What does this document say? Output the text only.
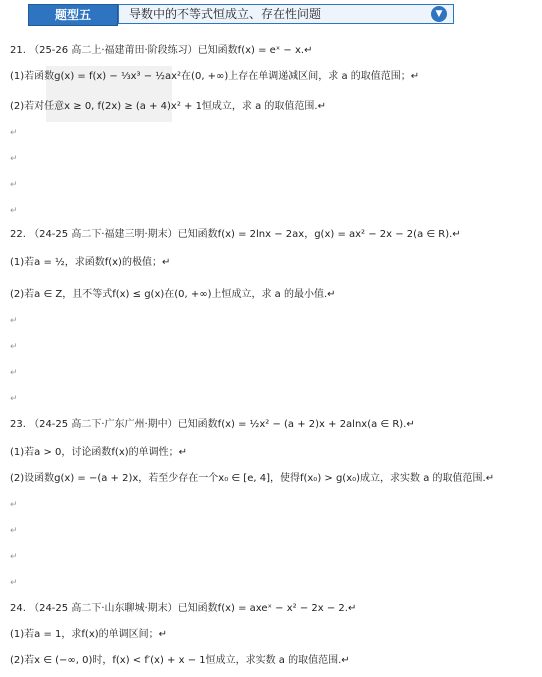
题型五	导数中的不等式恒成立、存在性问题	▼
21. （25-26 高二上·福建莆田·阶段练习）已知函数f(x) = eˣ − x.↵
(1)若函数g(x) = f(x) − ⅓x³ − ½ax²在(0, +∞)上存在单调递减区间，求 a 的取值范围；↵
(2)若对任意x ≥ 0, f(2x) ≥ (a + 4)x² + 1恒成立，求 a 的取值范围.↵
↵
↵
↵
↵
22. （24-25 高二下·福建三明·期末）已知函数f(x) = 2lnx − 2ax，g(x) = ax² − 2x − 2(a ∈ R).↵
(1)若a = ½，求函数f(x)的极值；↵
(2)若a ∈ Z，且不等式f(x) ≤ g(x)在(0, +∞)上恒成立，求 a 的最小值.↵
↵
↵
↵
↵
23. （24-25 高二下·广东广州·期中）已知函数f(x) = ½x² − (a + 2)x + 2alnx(a ∈ R).↵
(1)若a > 0，讨论函数f(x)的单调性；↵
(2)设函数g(x) = −(a + 2)x，若至少存在一个x₀ ∈ [e, 4]，使得f(x₀) > g(x₀)成立，求实数 a 的取值范围.↵
↵
↵
↵
↵
24. （24-25 高二下·山东聊城·期末）已知函数f(x) = axeˣ − x² − 2x − 2.↵
(1)若a = 1，求f(x)的单调区间；↵
(2)若x ∈ (−∞, 0)时，f(x) < f′(x) + x − 1恒成立，求实数 a 的取值范围.↵
